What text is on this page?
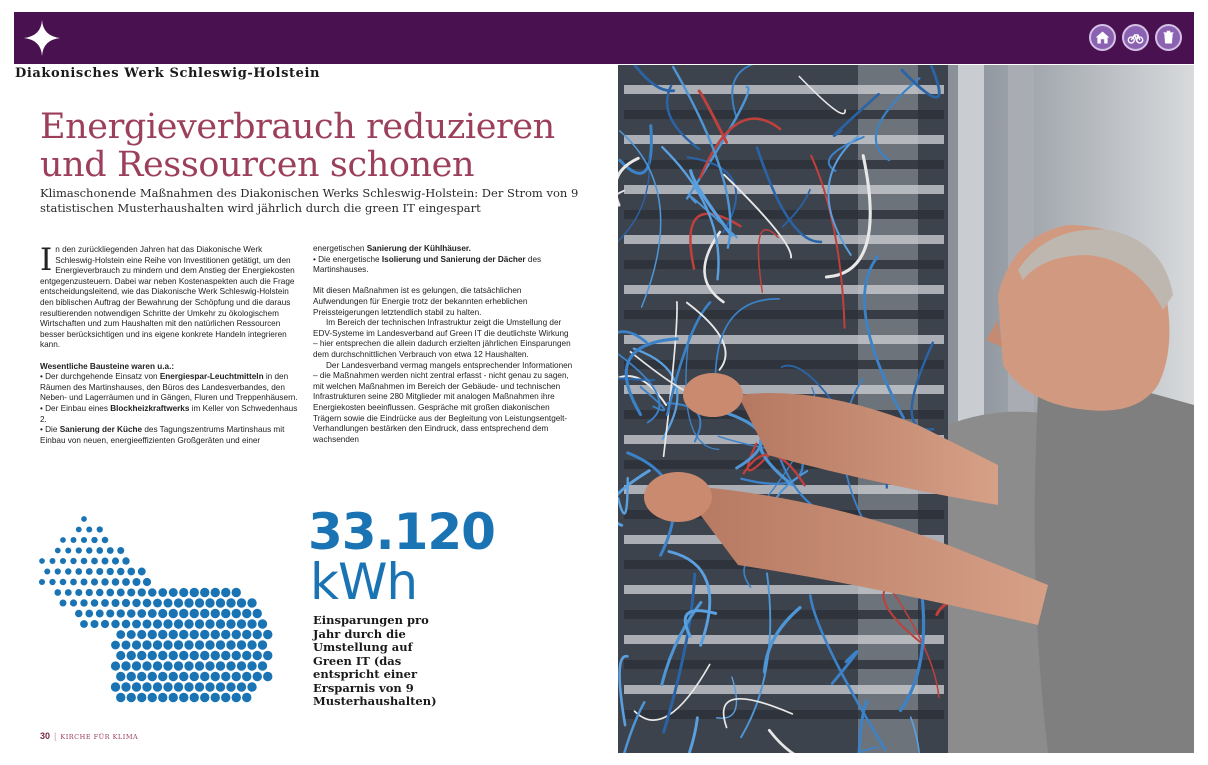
Diakonisches Werk Schleswig-Holstein
Energieverbrauch reduzieren
und Ressourcen schonen

Klimaschonende Maßnahmen des Diakonischen Werks Schleswig-Holstein: Der Strom von 9 statistischen Musterhaushalten wird jährlich durch die green IT eingespart

In den zurückliegenden Jahren hat das Diakonische Werk Schleswig-Holstein eine Reihe von Investitionen getätigt, um den Energieverbrauch zu mindern und dem Anstieg der Energiekosten entgegenzusteuern. Dabei war neben Kostenaspekten auch die Frage entscheidungsleitend, wie das Diakonische Werk Schleswig-Holstein den biblischen Auftrag der Bewahrung der Schöpfung und die daraus resultierenden notwendigen Schritte der Umkehr zu ökologischem Wirtschaften und zum Haushalten mit den natürlichen Ressourcen besser berücksichtigen und ins eigene konkrete Handeln integrieren kann.

Wesentliche Bausteine waren u.a.:

• Der durchgehende Einsatz von Energiespar-Leuchtmitteln in den Räumen des Martinshauses, den Büros des Landesverbandes, den Neben- und Lagerräumen und in Gängen, Fluren und Treppenhäusern.

• Der Einbau eines Blockheizkraftwerks im Keller von Schwedenhaus 2.

• Die Sanierung der Küche des Tagungszentrums Martinshaus mit Einbau von neuen, energieeffizienten Großgeräten und einer

energetischen Sanierung der Kühlhäuser.

• Die energetische Isolierung und Sanierung der Dächer des Martinshauses.

Mit diesen Maßnahmen ist es gelungen, die tatsächlichen Aufwendungen für Energie trotz der bekannten erheblichen Preissteigerungen letztendlich stabil zu halten.

Im Bereich der technischen Infrastruktur zeigt die Umstellung der EDV-Systeme im Landesverband auf Green IT die deutlichste Wirkung – hier entsprechen die allein dadurch erzielten jährlichen Einsparungen dem durchschnittlichen Verbrauch von etwa 12 Haushalten.

Der Landesverband vermag mangels entsprechender Informationen – die Maßnahmen werden nicht zentral erfasst - nicht genau zu sagen, mit welchen Maßnahmen im Bereich der Gebäude- und technischen Infrastrukturen seine 280 Mitglieder mit analogen Maßnahmen ihre Energiekosten beeinflussen. Gespräche mit großen diakonischen Trägern sowie die Eindrücke aus der Begleitung von Leistungsentgelt-Verhandlungen bestärken den Eindruck, dass entsprechend dem wachsenden

33.120
kWh

Einsparungen pro Jahr durch die Umstellung auf Green IT (das entspricht einer Ersparnis von 9 Musterhaushalten)

30 | KIRCHE FÜR KLIMA
